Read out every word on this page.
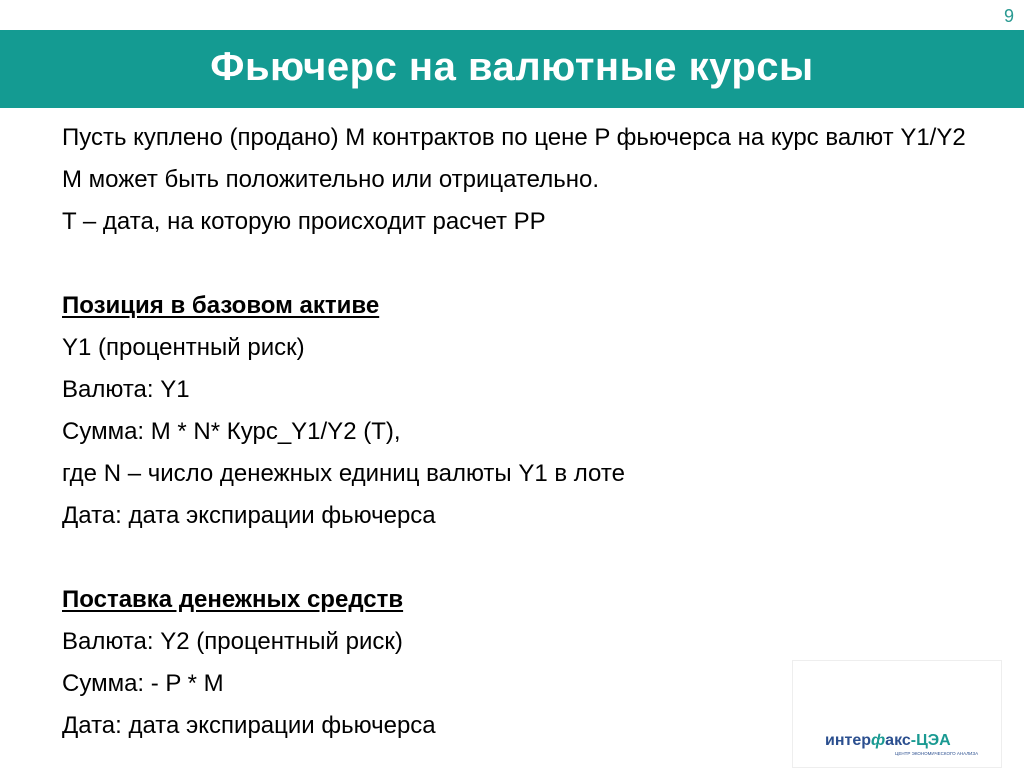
9
Фьючерс на валютные курсы

Пусть куплено (продано) M контрактов по цене P фьючерса на курс валют Y1/Y2

M может быть положительно или отрицательно.

T – дата, на которую происходит расчет PP

Позиция в базовом активе

Y1 (процентный риск)

Валюта: Y1

Сумма: M * N* Курс_Y1/Y2 (T),

где N – число денежных единиц валюты Y1 в лоте

Дата: дата экспирации фьючерса

Поставка денежных средств

Валюта: Y2 (процентный риск)

Сумма: - P * M

Дата: дата экспирации фьючерса

интерфакс-ЦЭА
ЦЕНТР ЭКОНОМИЧЕСКОГО АНАЛИЗА
